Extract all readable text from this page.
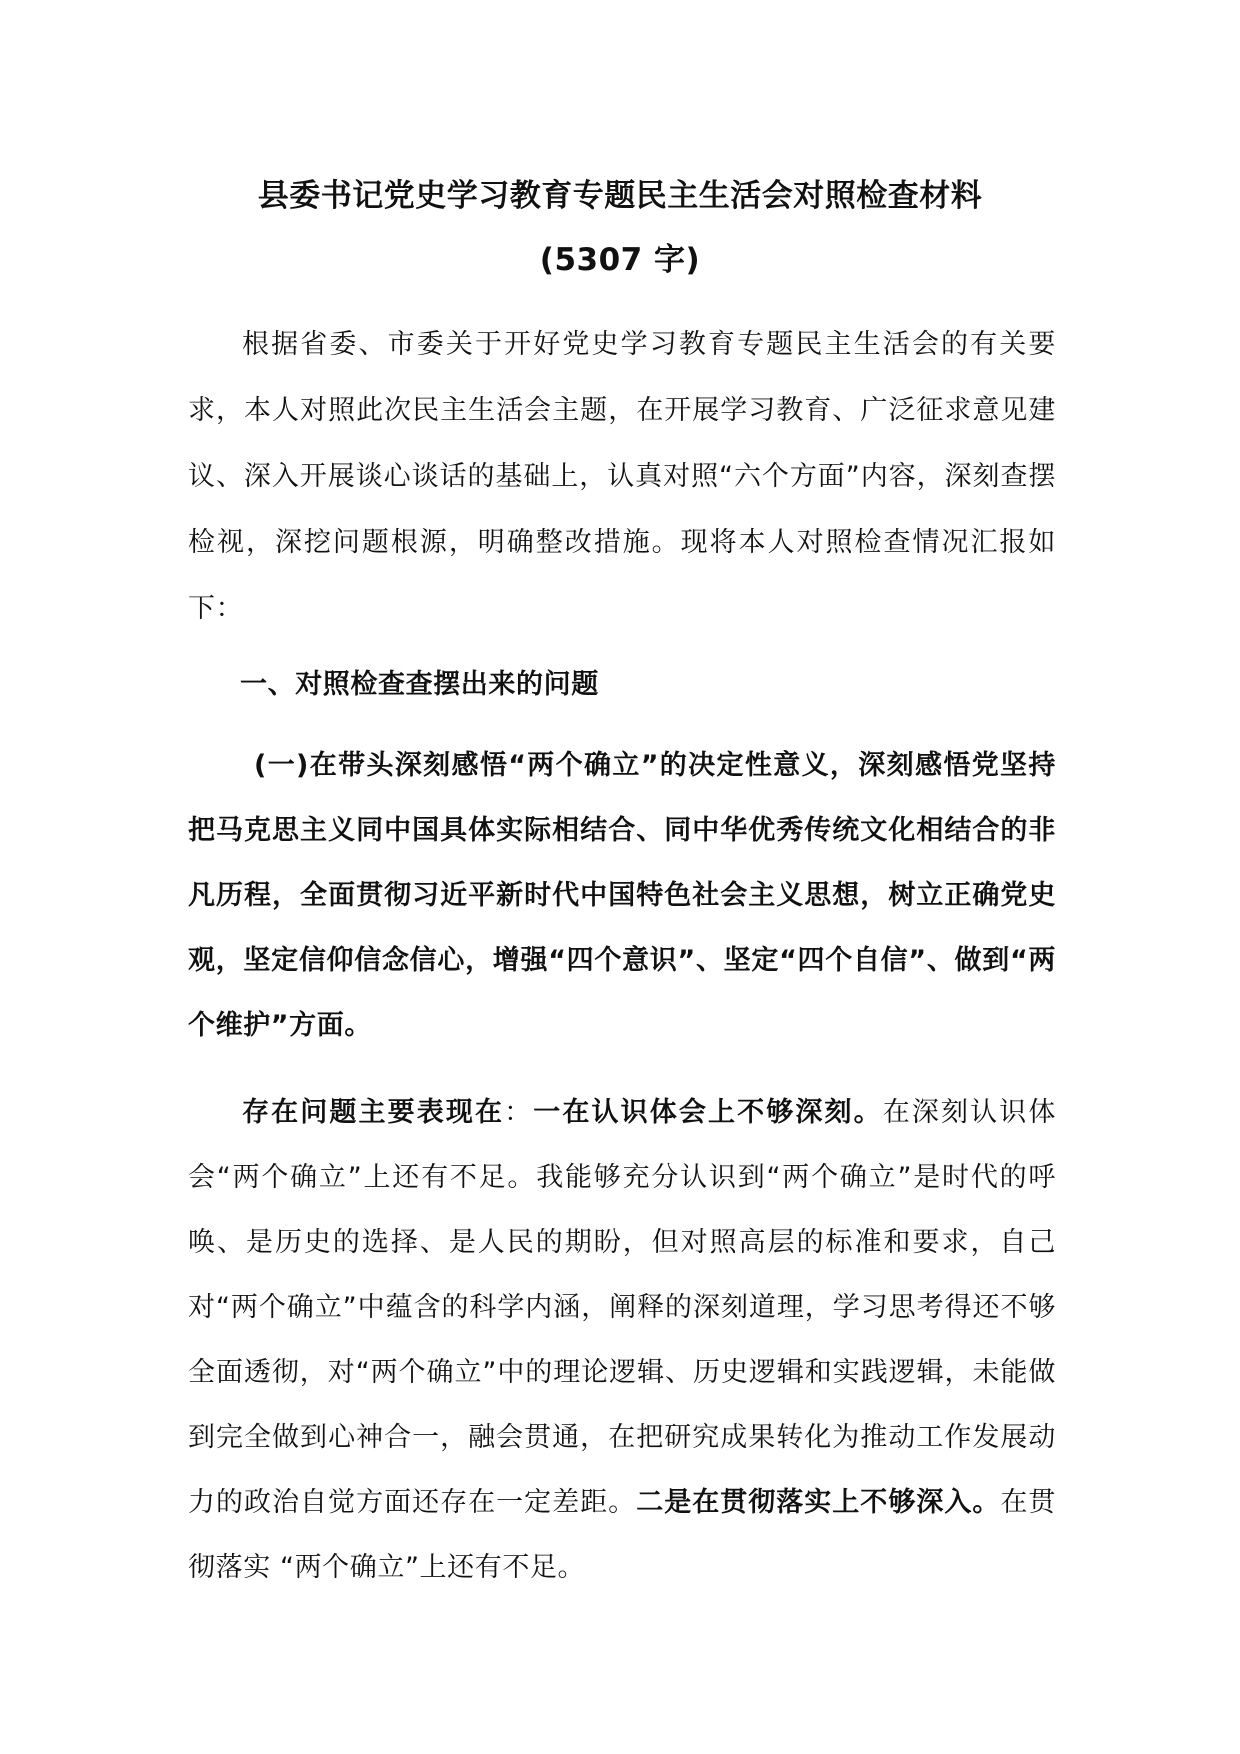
县委书记党史学习教育专题民主生活会对照检查材料
(5307 字)
根据省委、市委关于开好党史学习教育专题民主生活会的有关要求，本人对照此次民主生活会主题，在开展学习教育、广泛征求意见建议、深入开展谈心谈话的基础上，认真对照“六个方面”内容，深刻查摆检视，深挖问题根源，明确整改措施。现将本人对照检查情况汇报如下：
一、对照检查查摆出来的问题
(一)在带头深刻感悟“两个确立”的决定性意义，深刻感悟党坚持把马克思主义同中国具体实际相结合、同中华优秀传统文化相结合的非凡历程，全面贯彻习近平新时代中国特色社会主义思想，树立正确党史观，坚定信仰信念信心，增强“四个意识”、坚定“四个自信”、做到“两个维护”方面。
存在问题主要表现在：一在认识体会上不够深刻。在深刻认识体会“两个确立”上还有不足。我能够充分认识到“两个确立”是时代的呼唤、是历史的选择、是人民的期盼，但对照高层的标准和要求，自己对“两个确立”中蕴含的科学内涵，阐释的深刻道理，学习思考得还不够全面透彻，对“两个确立”中的理论逻辑、历史逻辑和实践逻辑，未能做到完全做到心神合一，融会贯通，在把研究成果转化为推动工作发展动力的政治自觉方面还存在一定差距。二是在贯彻落实上不够深入。在贯彻落实 “两个确立”上还有不足。
